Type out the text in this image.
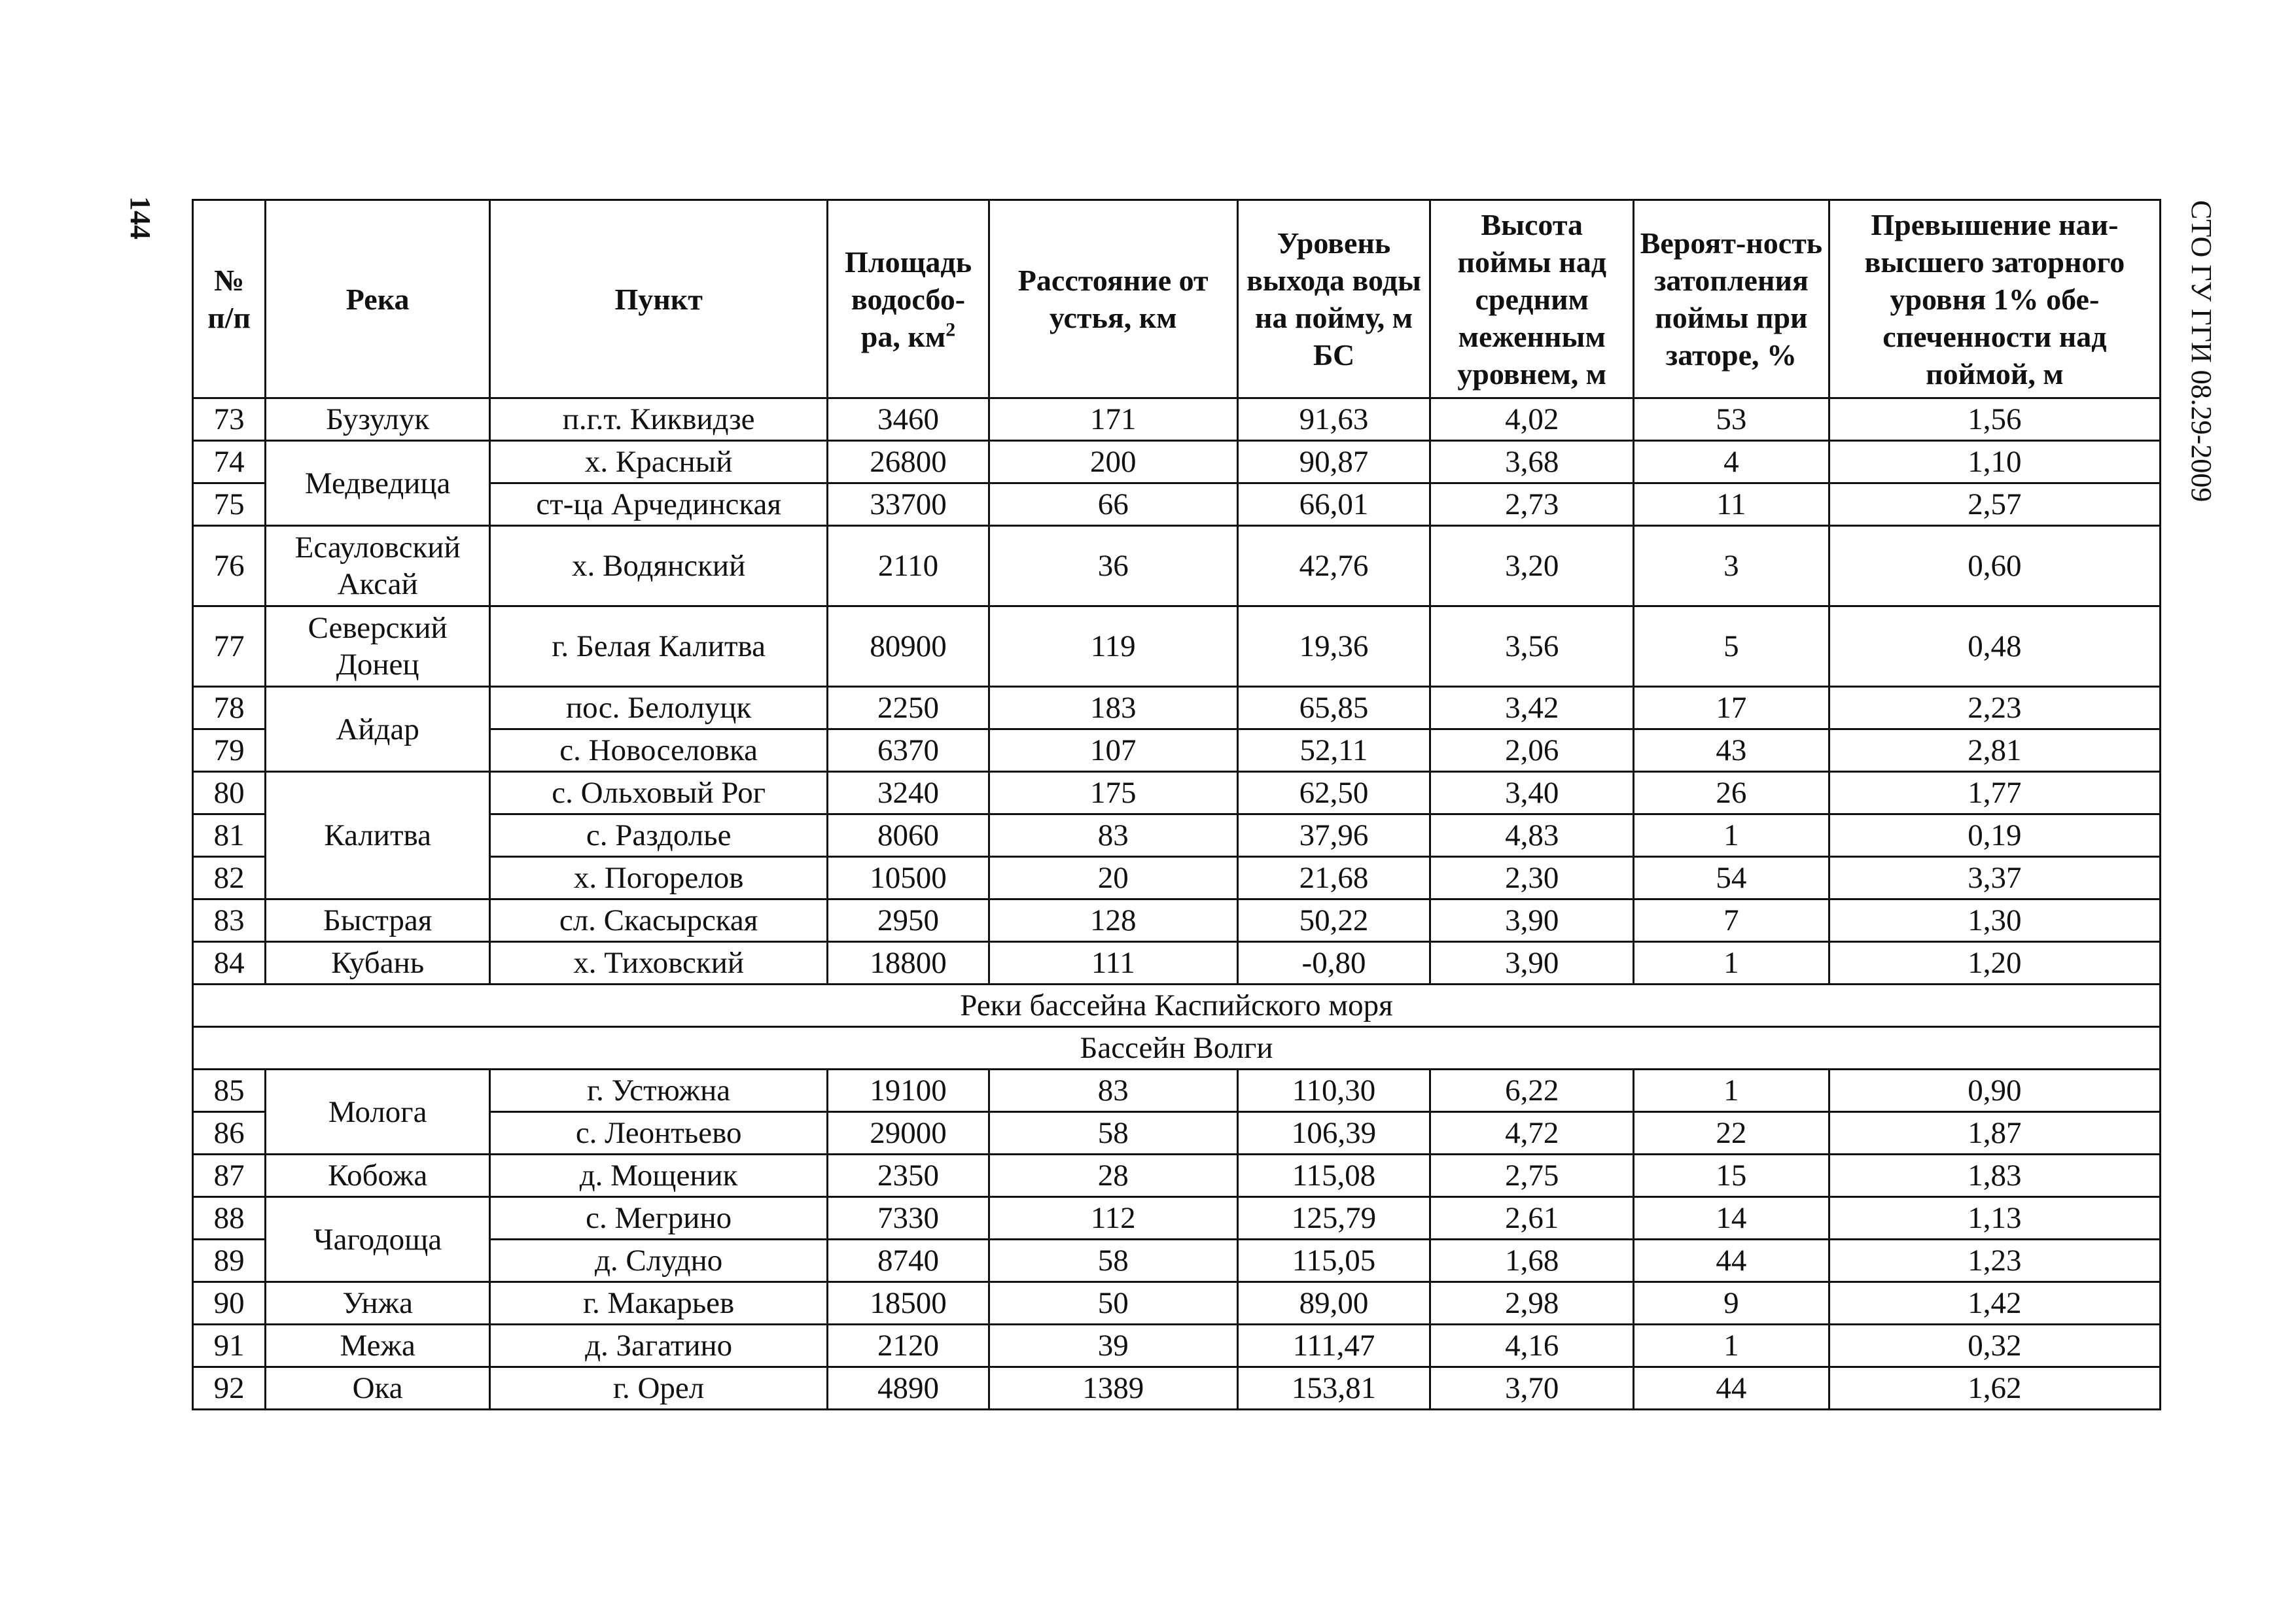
144	СТО ГУ ГГИ 08.29-2009
№ п/п	Река	Пункт	Площадь водосбо-ра, $км^2$	Расстояние от устья, км	Уровень выхода воды на пойму, м БС	Высота поймы над средним меженным уровнем, м	Вероят-ность затопления поймы при заторе, %	Превышение наи-высшего заторного уровня 1% обе-спеченности над поймой, м
73	Бузулук	п.г.т. Киквидзе	3460	171	91,63	4,02	53	1,56
74	Медведица	х. Красный	26800	200	90,87	3,68	4	1,10
75		ст-ца Арчединская	33700	66	66,01	2,73	11	2,57
76	Есауловский Аксай	х. Водянский	2110	36	42,76	3,20	3	0,60
77	Северский Донец	г. Белая Калитва	80900	119	19,36	3,56	5	0,48
78	Айдар	пос. Белолуцк	2250	183	65,85	3,42	17	2,23
79		с. Новоселовка	6370	107	52,11	2,06	43	2,81
80	Калитва	с. Ольховый Рог	3240	175	62,50	3,40	26	1,77
81		с. Раздолье	8060	83	37,96	4,83	1	0,19
82		х. Погорелов	10500	20	21,68	2,30	54	3,37
83	Быстрая	сл. Скасырская	2950	128	50,22	3,90	7	1,30
84	Кубань	х. Тиховский	18800	111	-0,80	3,90	1	1,20
Реки бассейна Каспийского моря								
Бассейн Волги								
85	Молога	г. Устюжна	19100	83	110,30	6,22	1	0,90
86		с. Леонтьево	29000	58	106,39	4,72	22	1,87
87	Кобожа	д. Мощеник	2350	28	115,08	2,75	15	1,83
88	Чагодоща	с. Мегрино	7330	112	125,79	2,61	14	1,13
89		д. Слудно	8740	58	115,05	1,68	44	1,23
90	Унжа	г. Макарьев	18500	50	89,00	2,98	9	1,42
91	Межа	д. Загатино	2120	39	111,47	4,16	1	0,32
92	Ока	г. Орел	4890	1389	153,81	3,70	44	1,62
